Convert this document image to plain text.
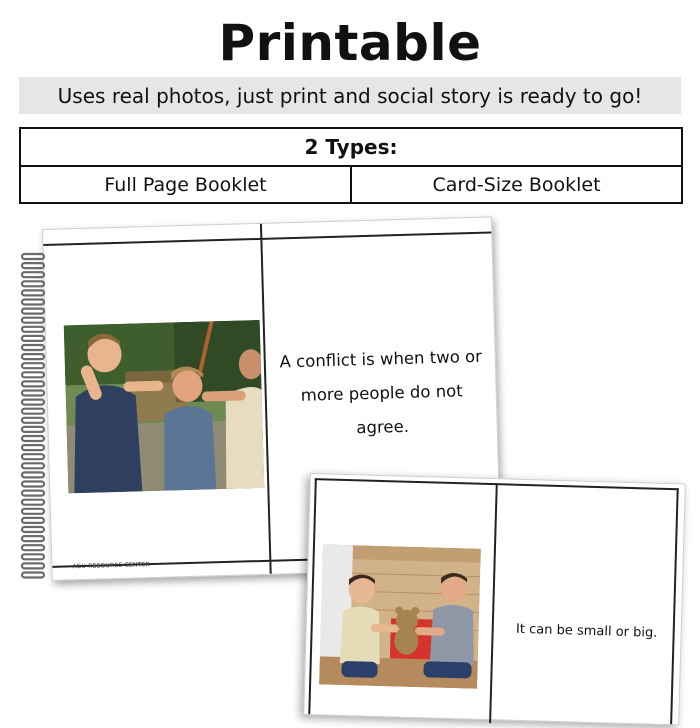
Printable
Uses real photos, just print and social story is ready to go!
2 Types:
Full Page Booklet	Card-Size Booklet
A conflict is when two or more people do not agree.
AGU RESOURCE CENTER
It can be small or big.
